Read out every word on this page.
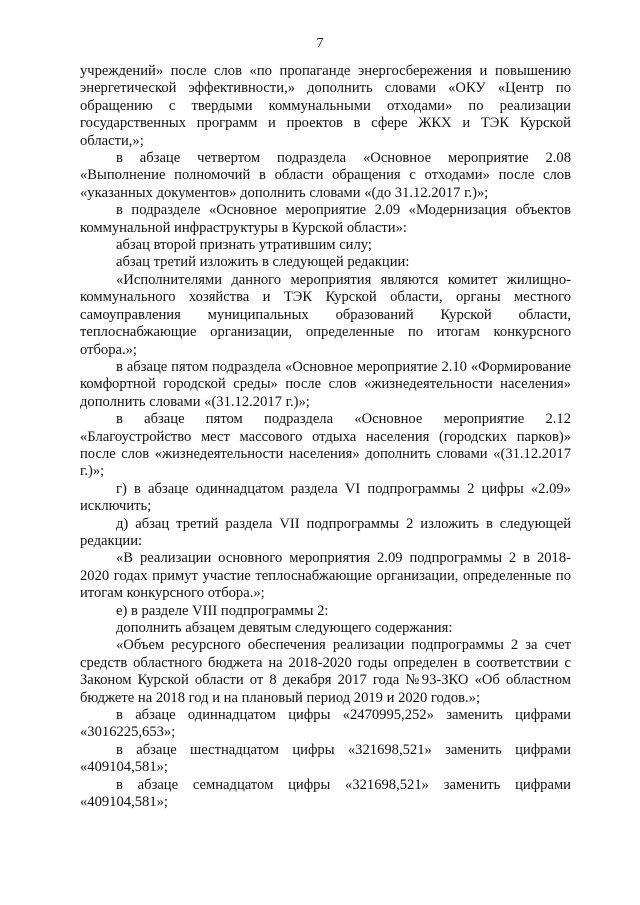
7

учреждений» после слов «по пропаганде энергосбережения и повышению энергетической эффективности,» дополнить словами «ОКУ «Центр по обращению с твердыми коммунальными отходами» по реализации государственных программ и проектов в сфере ЖКХ и ТЭК Курской области,»;

в абзаце четвертом подраздела «Основное мероприятие 2.08 «Выполнение полномочий в области обращения с отходами» после слов «указанных документов» дополнить словами «(до 31.12.2017 г.)»;

в подразделе «Основное мероприятие 2.09 «Модернизация объектов коммунальной инфраструктуры в Курской области»:

абзац второй признать утратившим силу;

абзац третий изложить в следующей редакции:

«Исполнителями данного мероприятия являются комитет жилищно-коммунального хозяйства и ТЭК Курской области, органы местного самоуправления муниципальных образований Курской области, теплоснабжающие организации, определенные по итогам конкурсного отбора.»;

в абзаце пятом подраздела «Основное мероприятие 2.10 «Формирование комфортной городской среды» после слов «жизнедеятельности населения» дополнить словами «(31.12.2017 г.)»;

в абзаце пятом подраздела «Основное мероприятие 2.12 «Благоустройство мест массового отдыха населения (городских парков)» после слов «жизнедеятельности населения» дополнить словами «(31.12.2017 г.)»;

г) в абзаце одиннадцатом раздела VI подпрограммы 2 цифры «2.09» исключить;

д) абзац третий раздела VII подпрограммы 2 изложить в следующей редакции:

«В реализации основного мероприятия 2.09 подпрограммы 2 в 2018-2020 годах примут участие теплоснабжающие организации, определенные по итогам конкурсного отбора.»;

е) в разделе VIII подпрограммы 2:

дополнить абзацем девятым следующего содержания:

«Объем ресурсного обеспечения реализации подпрограммы 2 за счет средств областного бюджета на 2018-2020 годы определен в соответствии с Законом Курской области от 8 декабря 2017 года №93-ЗКО «Об областном бюджете на 2018 год и на плановый период 2019 и 2020 годов.»;

в абзаце одиннадцатом цифры «2470995,252» заменить цифрами «3016225,653»;

в абзаце шестнадцатом цифры «321698,521» заменить цифрами «409104,581»;

в абзаце семнадцатом цифры «321698,521» заменить цифрами «409104,581»;
